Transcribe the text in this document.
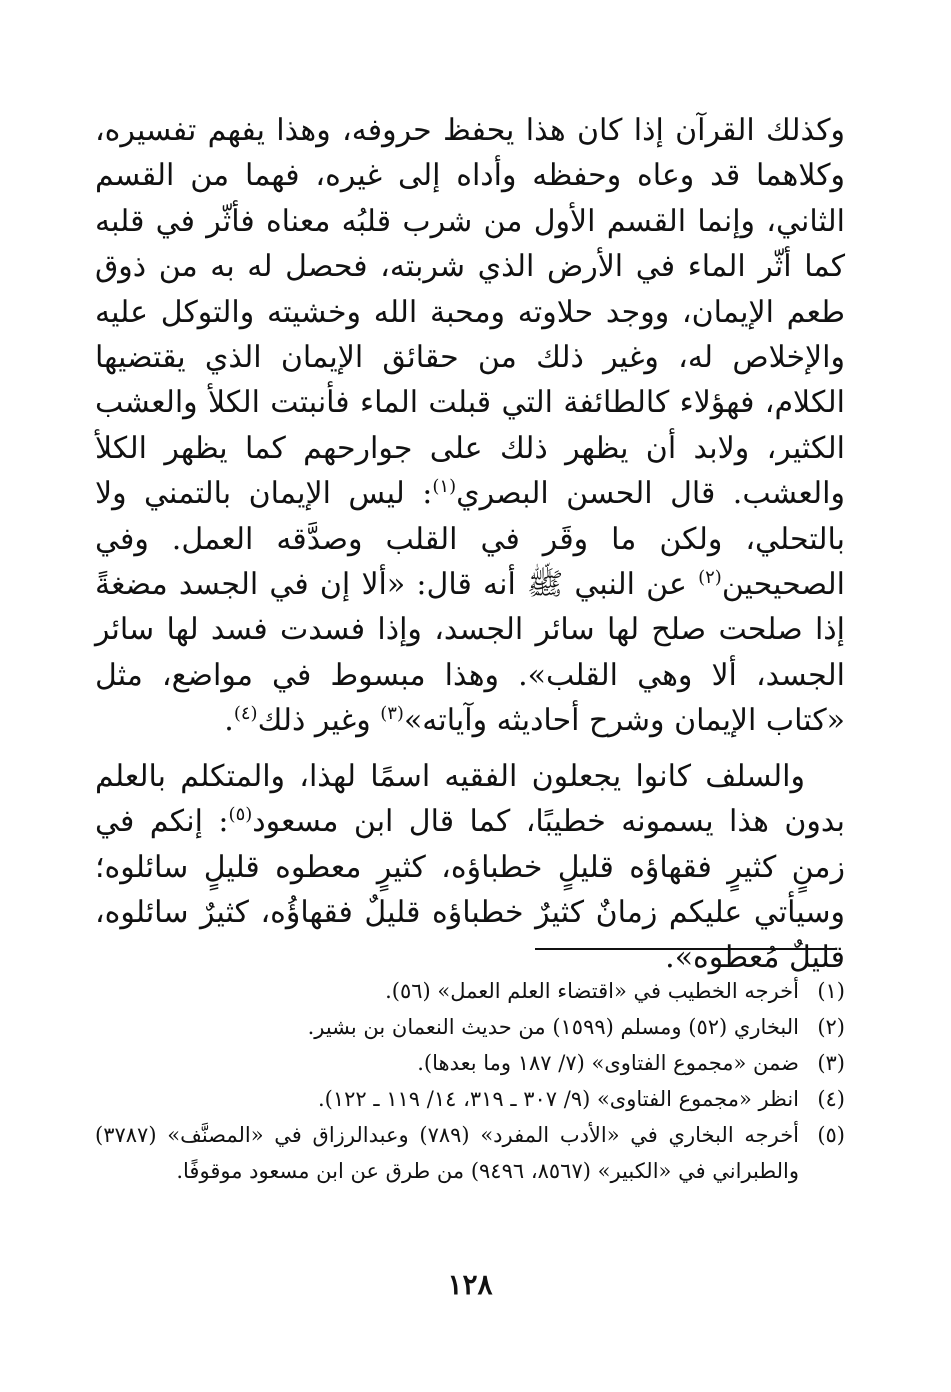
وكذلك القرآن إذا كان هذا يحفظ حروفه، وهذا يفهم تفسيره، وكلاهما قد وعاه وحفظه وأداه إلى غيره، فهما من القسم الثاني، وإنما القسم الأول من شرب قلبُه معناه فأثّر في قلبه كما أثّر الماء في الأرض الذي شربته، فحصل له به من ذوق طعم الإيمان، ووجد حلاوته ومحبة الله وخشيته والتوكل عليه والإخلاص له، وغير ذلك من حقائق الإيمان الذي يقتضيها الكلام، فهؤلاء كالطائفة التي قبلت الماء فأنبتت الكلأ والعشب الكثير، ولابد أن يظهر ذلك على جوارحهم كما يظهر الكلأ والعشب. قال الحسن البصري$^{(١)}$: ليس الإيمان بالتمني ولا بالتحلي، ولكن ما وقَر في القلب وصدَّقه العمل. وفي الصحيحين$^{(٢)}$ عن النبي ﷺ أنه قال: «ألا إن في الجسد مضغةً إذا صلحت صلح لها سائر الجسد، وإذا فسدت فسد لها سائر الجسد، ألا وهي القلب». وهذا مبسوط في مواضع، مثل «كتاب الإيمان وشرح أحاديثه وآياته»$^{(٣)}$ وغير ذلك$^{(٤)}$.

والسلف كانوا يجعلون الفقيه اسمًا لهذا، والمتكلم بالعلم بدون هذا يسمونه خطيبًا، كما قال ابن مسعود$^{(٥)}$: إنكم في زمنٍ كثيرٍ فقهاؤه قليلٍ خطباؤه، كثيرٍ معطوه قليلٍ سائلوه؛ وسيأتي عليكم زمانٌ كثيرٌ خطباؤه قليلٌ فقهاؤُه، كثيرٌ سائلوه، قليلٌ مُعطوه».

(١)
أخرجه الخطيب في «اقتضاء العلم العمل» (٥٦).
(٢)
البخاري (٥٢) ومسلم (١٥٩٩) من حديث النعمان بن بشير.
(٣)
ضمن «مجموع الفتاوى» (٧/ ١٨٧ وما بعدها).
(٤)
انظر «مجموع الفتاوى» (٩/ ٣٠٧ ـ ٣١٩، ١٤/ ١١٩ ـ ١٢٢).
(٥)
أخرجه البخاري في «الأدب المفرد» (٧٨٩) وعبدالرزاق في «المصنَّف» (٣٧٨٧) والطبراني في «الكبير» (٨٥٦٧، ٩٤٩٦) من طرق عن ابن مسعود موقوفًا.
١٢٨
